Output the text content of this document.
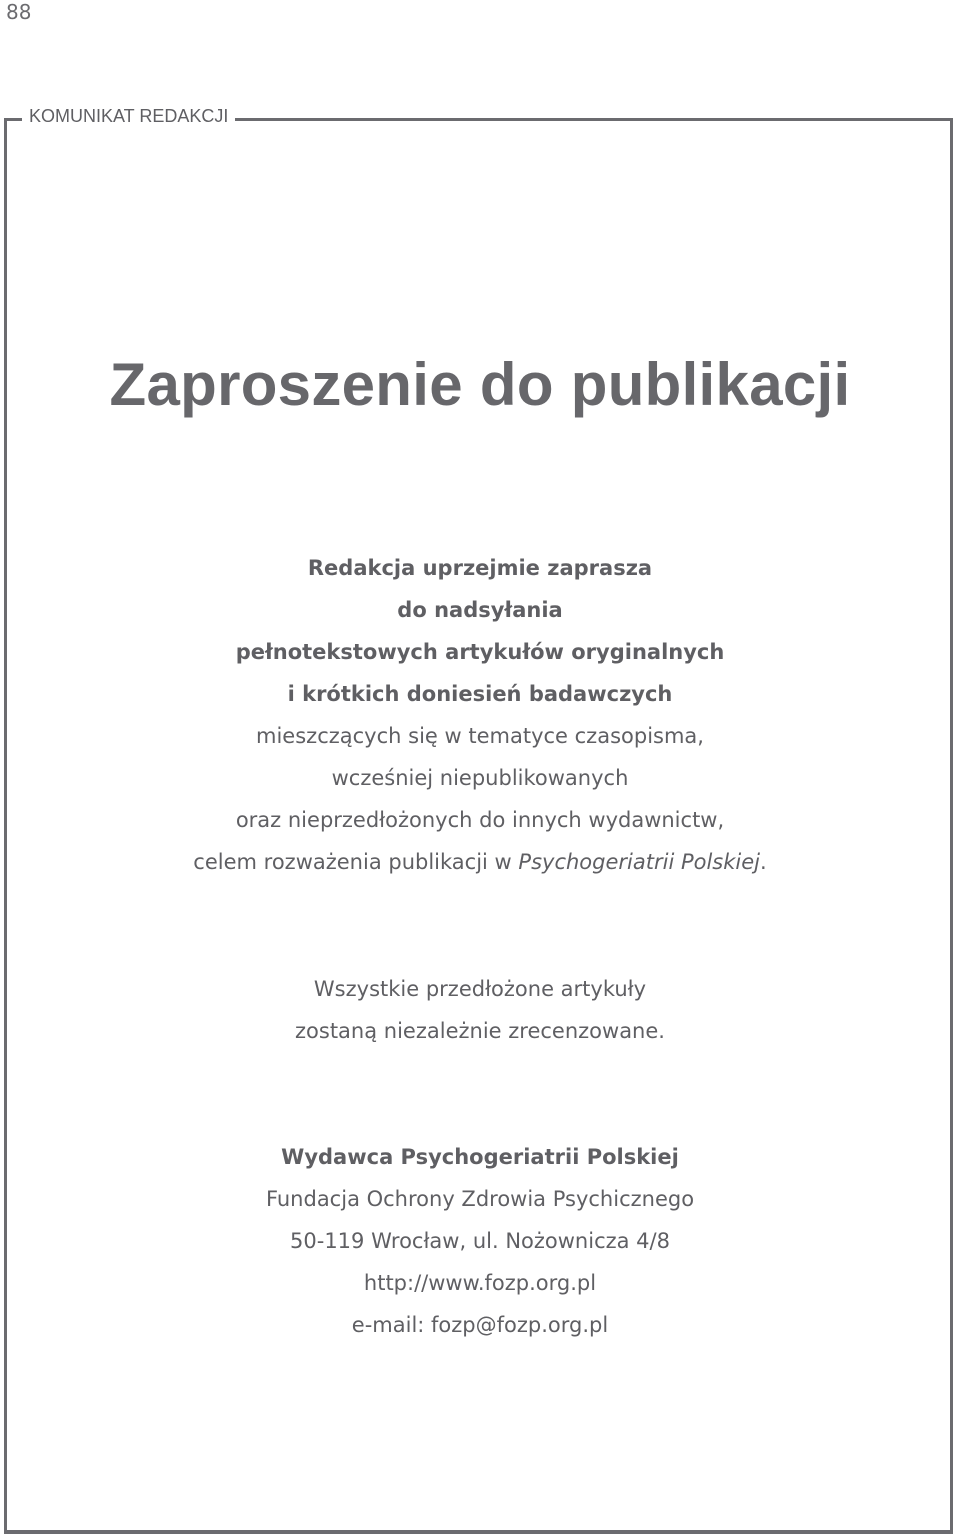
88
KOMUNIKAT REDAKCJI
Zaproszenie do publikacji
Redakcja uprzejmie zaprasza
do nadsyłania
pełnotekstowych artykułów oryginalnych
i krótkich doniesień badawczych
mieszczących się w tematyce czasopisma,
wcześniej niepublikowanych
oraz nieprzedłożonych do innych wydawnictw,
celem rozważenia publikacji w Psychogeriatrii Polskiej.
Wszystkie przedłożone artykuły
zostaną niezależnie zrecenzowane.
Wydawca Psychogeriatrii Polskiej
Fundacja Ochrony Zdrowia Psychicznego
50-119 Wrocław, ul. Nożownicza 4/8
http://www.fozp.org.pl
e-mail: fozp@fozp.org.pl
